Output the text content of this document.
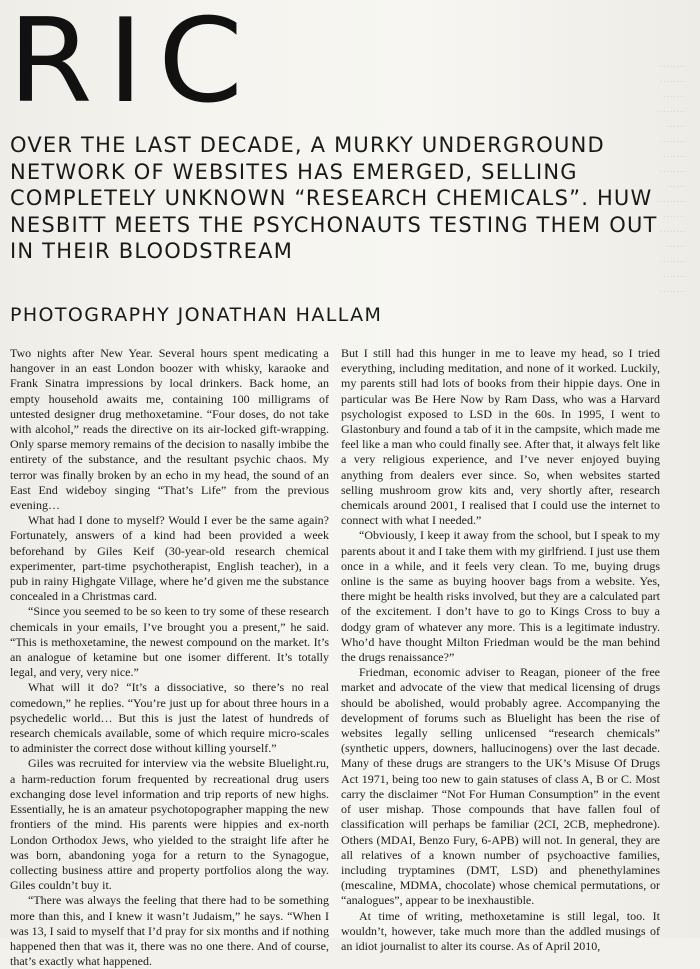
········
········
·······
·········
······
········
·······
········
······
·········
·······
········
······
········
·······
········

RIC
OVER THE LAST DECADE, A MURKY UNDERGROUND NETWORK OF WEBSITES HAS EMERGED, SELLING COMPLETELY UNKNOWN “RESEARCH CHEMICALS”. HUW NESBITT MEETS THE PSYCHONAUTS TESTING THEM OUT IN THEIR BLOODSTREAM
PHOTOGRAPHY JONATHAN HALLAM

Two nights after New Year. Several hours spent medicating a hangover in an east London boozer with whisky, karaoke and Frank Sinatra impressions by local drinkers. Back home, an empty household awaits me, containing 100 milligrams of untested designer drug methoxetamine. “Four doses, do not take with alcohol,” reads the directive on its air-locked gift-wrapping. Only sparse memory remains of the decision to nasally imbibe the entirety of the substance, and the resultant psychic chaos. My terror was finally broken by an echo in my head, the sound of an East End wideboy singing “That’s Life” from the previous evening…

What had I done to myself? Would I ever be the same again? Fortunately, answers of a kind had been provided a week beforehand by Giles Keif (30-year-old research chemical experimenter, part-time psychotherapist, English teacher), in a pub in rainy Highgate Village, where he’d given me the substance concealed in a Christmas card.

“Since you seemed to be so keen to try some of these research chemicals in your emails, I’ve brought you a present,” he said. “This is methoxetamine, the newest compound on the market. It’s an analogue of ketamine but one isomer different. It’s totally legal, and very, very nice.”

What will it do? “It’s a dissociative, so there’s no real comedown,” he replies. “You’re just up for about three hours in a psychedelic world… But this is just the latest of hundreds of research chemicals available, some of which require micro-scales to administer the correct dose without killing yourself.”

Giles was recruited for interview via the website Bluelight.ru, a harm-reduction forum frequented by recreational drug users exchanging dose level information and trip reports of new highs. Essentially, he is an amateur psychotopographer mapping the new frontiers of the mind. His parents were hippies and ex-north London Orthodox Jews, who yielded to the straight life after he was born, abandoning yoga for a return to the Synagogue, collecting business attire and property portfolios along the way. Giles couldn’t buy it.

“There was always the feeling that there had to be something more than this, and I knew it wasn’t Judaism,” he says. “When I was 13, I said to myself that I’d pray for six months and if nothing happened then that was it, there was no one there. And of course, that’s exactly what happened.

But I still had this hunger in me to leave my head, so I tried everything, including meditation, and none of it worked. Luckily, my parents still had lots of books from their hippie days. One in particular was Be Here Now by Ram Dass, who was a Harvard psychologist exposed to LSD in the 60s. In 1995, I went to Glastonbury and found a tab of it in the campsite, which made me feel like a man who could finally see. After that, it always felt like a very religious experience, and I’ve never enjoyed buying anything from dealers ever since. So, when websites started selling mushroom grow kits and, very shortly after, research chemicals around 2001, I realised that I could use the internet to connect with what I needed.”

“Obviously, I keep it away from the school, but I speak to my parents about it and I take them with my girlfriend. I just use them once in a while, and it feels very clean. To me, buying drugs online is the same as buying hoover bags from a website. Yes, there might be health risks involved, but they are a calculated part of the excitement. I don’t have to go to Kings Cross to buy a dodgy gram of whatever any more. This is a legitimate industry. Who’d have thought Milton Friedman would be the man behind the drugs renaissance?”

Friedman, economic adviser to Reagan, pioneer of the free market and advocate of the view that medical licensing of drugs should be abolished, would probably agree. Accompanying the development of forums such as Bluelight has been the rise of websites legally selling unlicensed “research chemicals” (synthetic uppers, downers, hallucinogens) over the last decade. Many of these drugs are strangers to the UK’s Misuse Of Drugs Act 1971, being too new to gain statuses of class A, B or C. Most carry the disclaimer “Not For Human Consumption” in the event of user mishap. Those compounds that have fallen foul of classification will perhaps be familiar (2CI, 2CB, mephedrone). Others (MDAI, Benzo Fury, 6-APB) will not. In general, they are all relatives of a known number of psychoactive families, including tryptamines (DMT, LSD) and phenethylamines (mescaline, MDMA, chocolate) whose chemical permutations, or “analogues”, appear to be inexhaustible.

At time of writing, methoxetamine is still legal, too. It wouldn’t, however, take much more than the addled musings of an idiot journalist to alter its course. As of April 2010,
